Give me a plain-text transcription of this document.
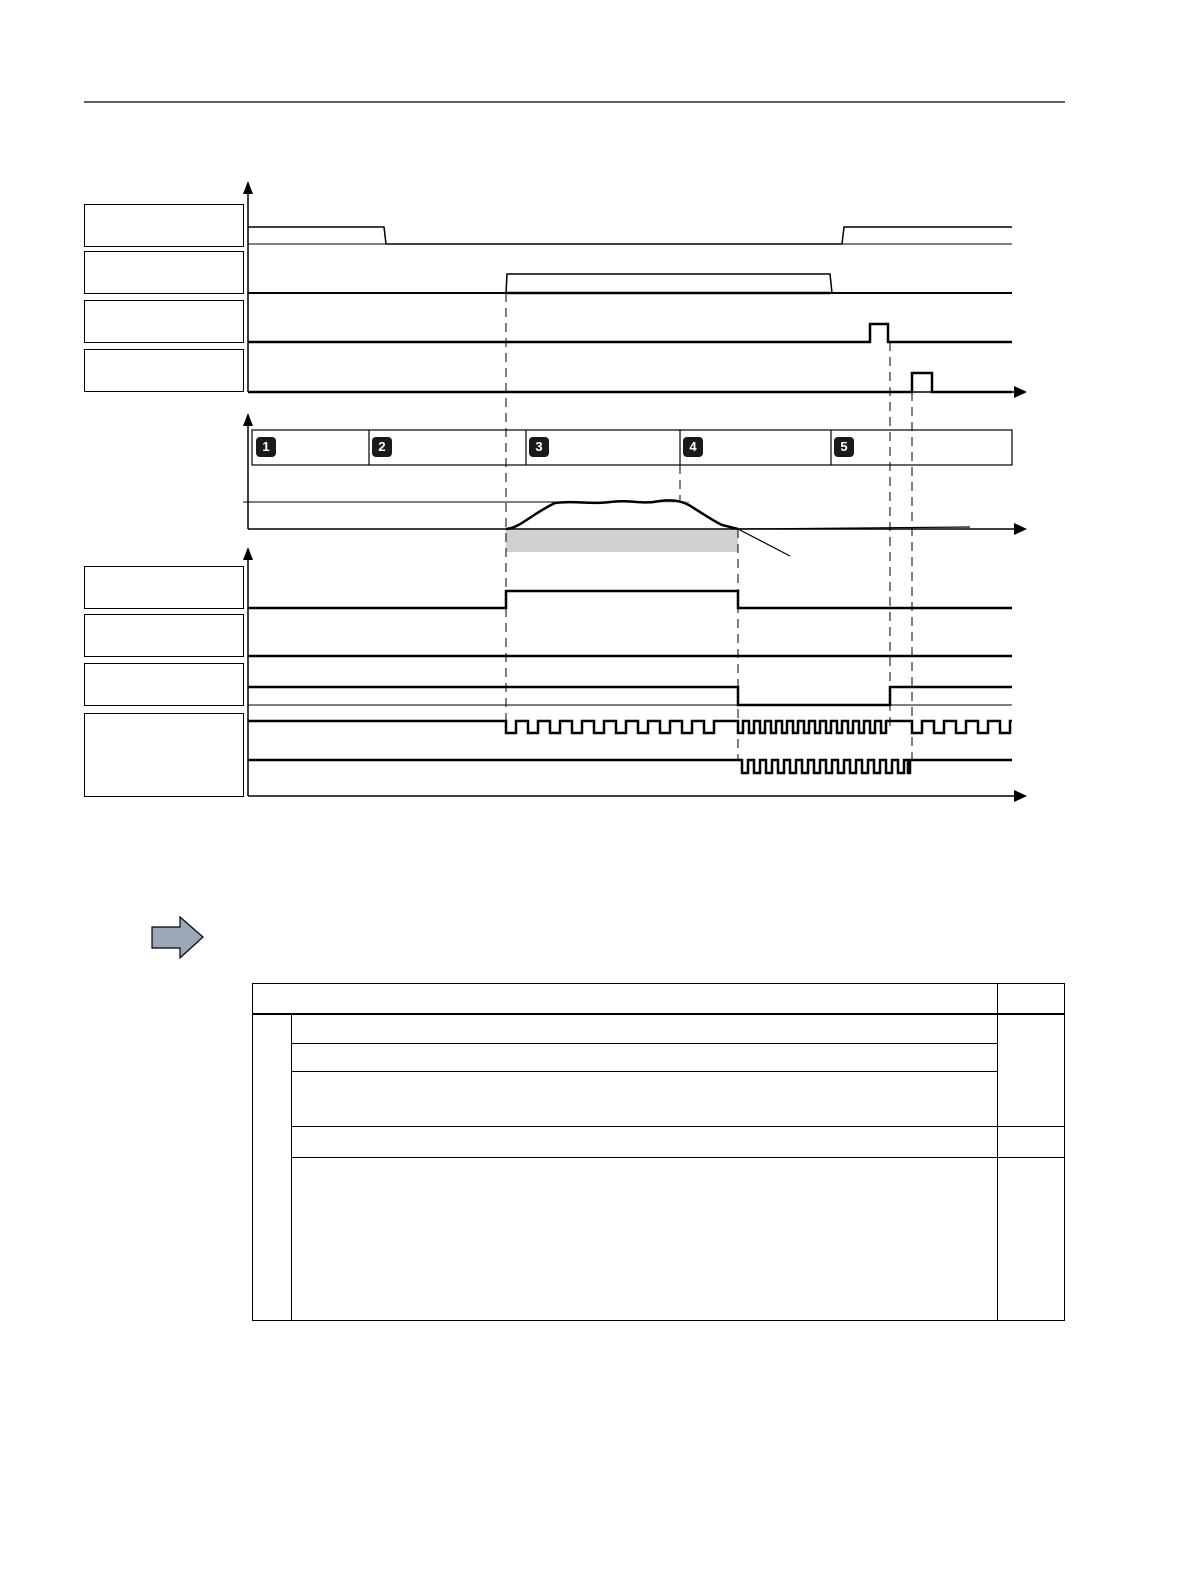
1	2	3	4	5
